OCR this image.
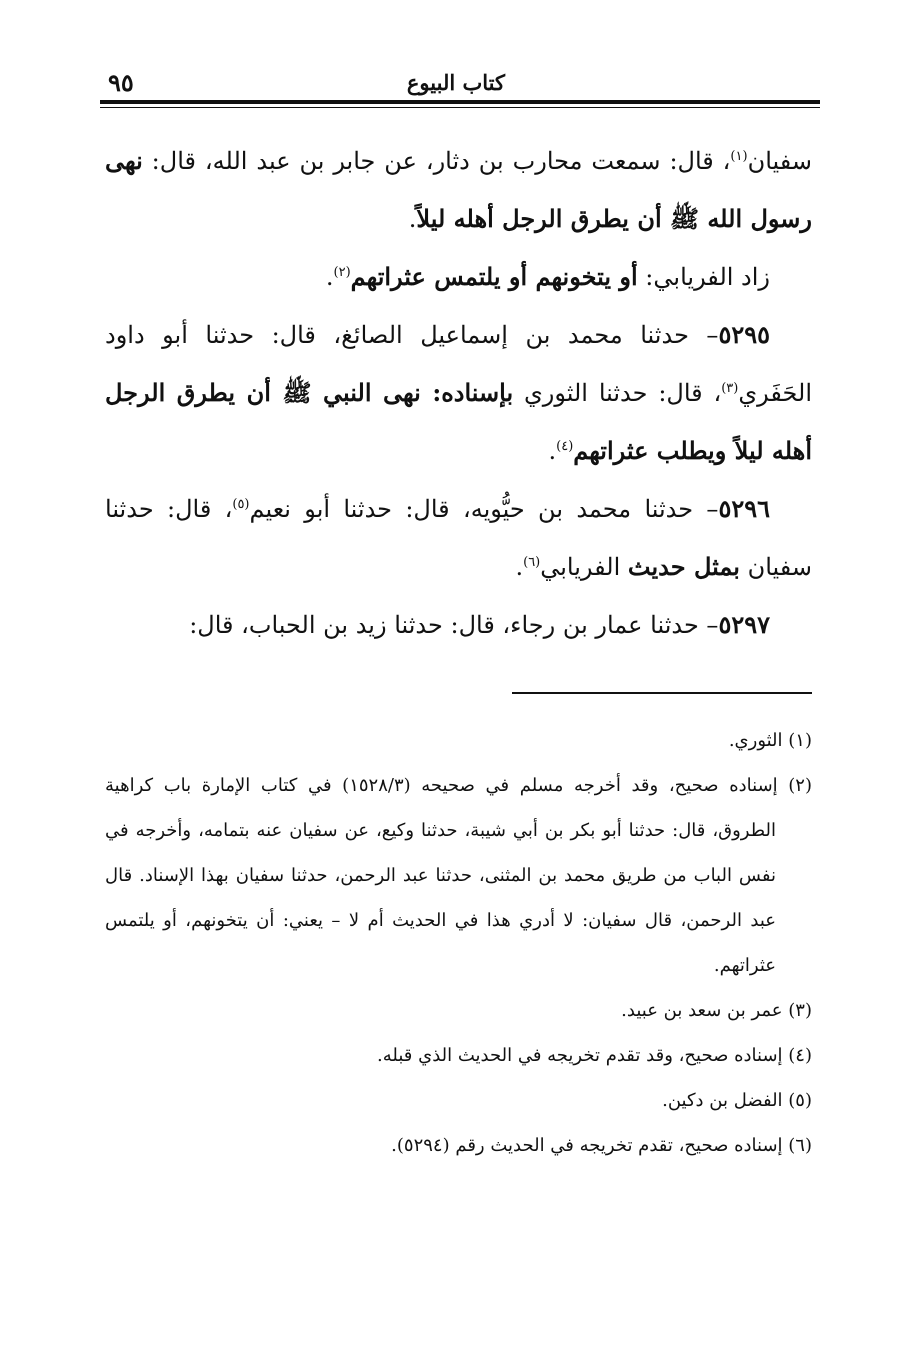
كتاب البيوع
٩٥

سفيان$^{(١)}$، قال: سمعت محارب بن دثار، عن جابر بن عبد الله، قال: نهى رسول الله ﷺ أن يطرق الرجل أهله ليلاً.

زاد الفريابي: أو يتخونهم أو يلتمس عثراتهم$^{(٢)}$.

٥٢٩٥– حدثنا محمد بن إسماعيل الصائغ، قال: حدثنا أبو داود الحَفَري$^{(٣)}$، قال: حدثنا الثوري بإسناده: نهى النبي ﷺ أن يطرق الرجل أهله ليلاً ويطلب عثراتهم$^{(٤)}$.

٥٢٩٦– حدثنا محمد بن حيُّويه، قال: حدثنا أبو نعيم$^{(٥)}$، قال: حدثنا سفيان بمثل حديث الفريابي$^{(٦)}$.

٥٢٩٧– حدثنا عمار بن رجاء، قال: حدثنا زيد بن الحباب، قال:

(١) الثوري.

(٢) إسناده صحيح، وقد أخرجه مسلم في صحيحه (١٥٢٨/٣) في كتاب الإمارة باب كراهية الطروق، قال: حدثنا أبو بكر بن أبي شيبة، حدثنا وكيع، عن سفيان عنه بتمامه، وأخرجه في نفس الباب من طريق محمد بن المثنى، حدثنا عبد الرحمن، حدثنا سفيان بهذا الإسناد. قال عبد الرحمن، قال سفيان: لا أدري هذا في الحديث أم لا – يعني: أن يتخونهم، أو يلتمس عثراتهم.

(٣) عمر بن سعد بن عبيد.

(٤) إسناده صحيح، وقد تقدم تخريجه في الحديث الذي قبله.

(٥) الفضل بن دكين.

(٦) إسناده صحيح، تقدم تخريجه في الحديث رقم (٥٢٩٤).
